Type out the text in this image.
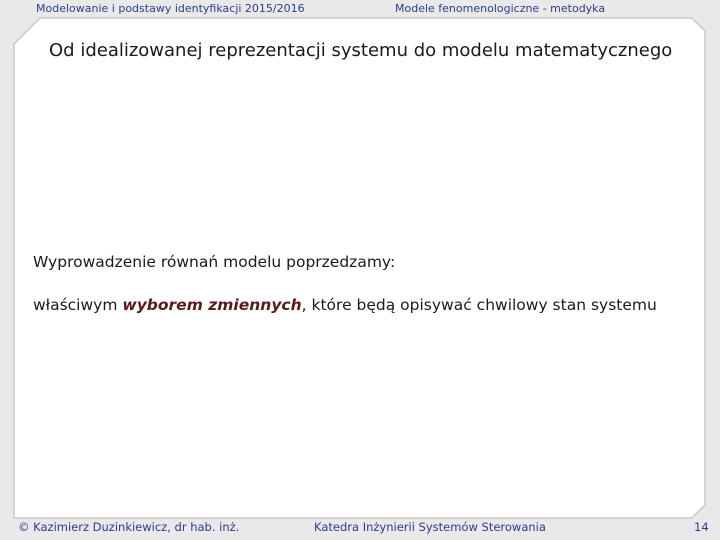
Modelowanie i podstawy identyfikacji 2015/2016	Modele fenomenologiczne - metodyka
Od idealizowanej reprezentacji systemu do modelu matematycznego
Wyprowadzenie równań modelu poprzedzamy:
właściwym wyborem zmiennych, które będą opisywać chwilowy stan systemu
© Kazimierz Duzinkiewicz, dr hab. inż.	Katedra Inżynierii Systemów Sterowania	14
